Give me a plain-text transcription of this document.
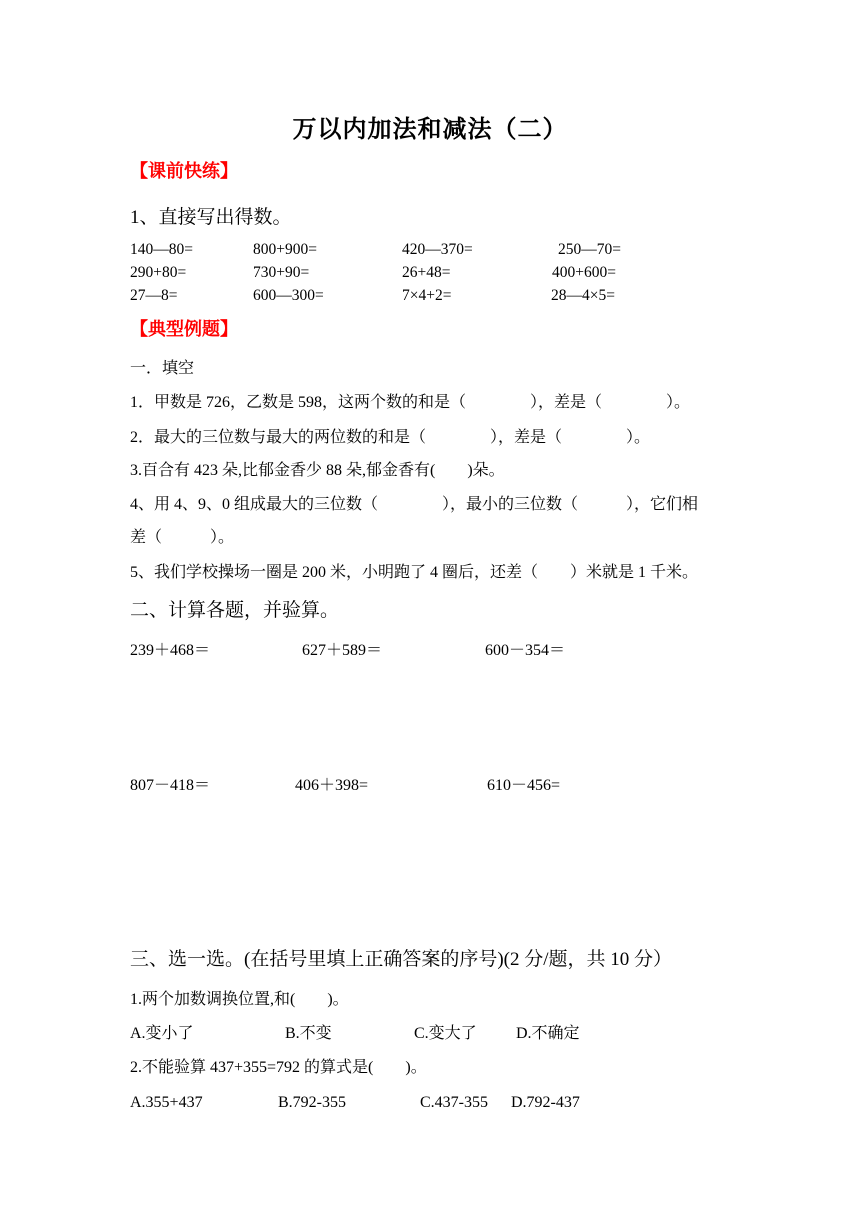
万以内加法和减法（二）
【课前快练】
1、直接写出得数。
140—80=	800+900=	420—370=	250—70=
290+80=	730+90=	26+48=	400+600=
27—8=	600—300=	7×4+2=	28—4×5=
【典型例题】
一．填空
1．甲数是 726，乙数是 598，这两个数的和是（　　　　），差是（　　　　）。
2．最大的三位数与最大的两位数的和是（　　　　），差是（　　　　）。
3.百合有 423 朵,比郁金香少 88 朵,郁金香有(　　)朵。
4、用 4、9、0 组成最大的三位数（　　　　），最小的三位数（　　　），它们相
差（　　　）。
5、我们学校操场一圈是 200 米，小明跑了 4 圈后，还差（　　）米就是 1 千米。
二、计算各题，并验算。
239＋468＝	627＋589＝	600－354＝
807－418＝	406＋398=	610－456=
三、选一选。(在括号里填上正确答案的序号)(2 分/题，共 10 分）
1.两个加数调换位置,和(　　)。
A.变小了	B.不变	C.变大了 D.不确定
2.不能验算 437+355=792 的算式是(　　)。
A.355+437	B.792-355	C.437-355 D.792-437
